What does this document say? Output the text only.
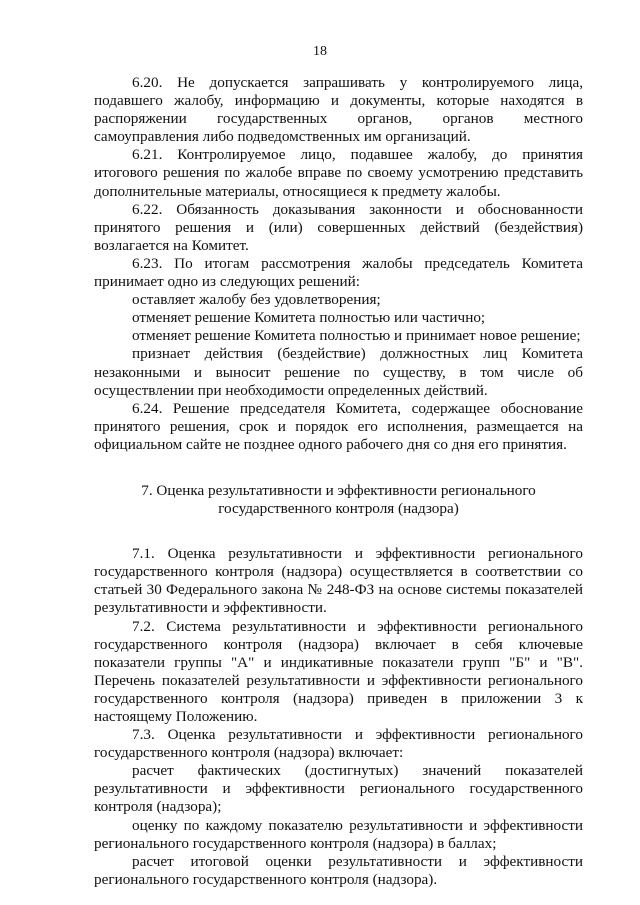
18

6.20. Не допускается запрашивать у контролируемого лица, подавшего жалобу, информацию и документы, которые находятся в распоряжении государственных органов, органов местного самоуправления либо подведомственных им организаций.

6.21. Контролируемое лицо, подавшее жалобу, до принятия итогового решения по жалобе вправе по своему усмотрению представить дополнительные материалы, относящиеся к предмету жалобы.

6.22. Обязанность доказывания законности и обоснованности принятого решения и (или) совершенных действий (бездействия) возлагается на Комитет.

6.23. По итогам рассмотрения жалобы председатель Комитета принимает одно из следующих решений:

оставляет жалобу без удовлетворения;

отменяет решение Комитета полностью или частично;

отменяет решение Комитета полностью и принимает новое решение;

признает действия (бездействие) должностных лиц Комитета незаконными и выносит решение по существу, в том числе об осуществлении при необходимости определенных действий.

6.24. Решение председателя Комитета, содержащее обоснование принятого решения, срок и порядок его исполнения, размещается на официальном сайте не позднее одного рабочего дня со дня его принятия.

7. Оценка результативности и эффективности регионального государственного контроля (надзора)

7.1. Оценка результативности и эффективности регионального государственного контроля (надзора) осуществляется в соответствии со статьей 30 Федерального закона № 248-ФЗ на основе системы показателей результативности и эффективности.

7.2. Система результативности и эффективности регионального государственного контроля (надзора) включает в себя ключевые показатели группы "А" и индикативные показатели групп "Б" и "В". Перечень показателей результативности и эффективности регионального государственного контроля (надзора) приведен в приложении 3 к настоящему Положению.

7.3. Оценка результативности и эффективности регионального государственного контроля (надзора) включает:

расчет фактических (достигнутых) значений показателей результативности и эффективности регионального государственного контроля (надзора);

оценку по каждому показателю результативности и эффективности регионального государственного контроля (надзора) в баллах;

расчет итоговой оценки результативности и эффективности регионального государственного контроля (надзора).
